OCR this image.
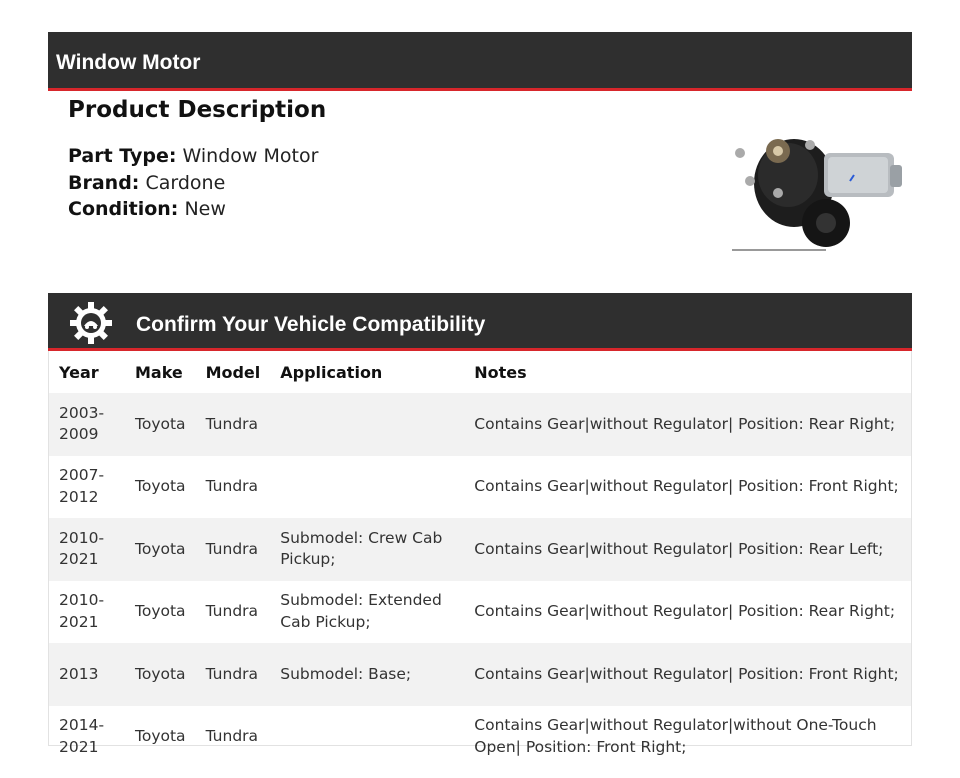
Window Motor
Product Description
Part Type: Window Motor
Brand: Cardone
Condition: New
Confirm Your Vehicle Compatibility
Year	Make	Model	Application	Notes
2003-2009	Toyota	Tundra		Contains Gear|without Regulator| Position: Rear Right;
2007-2012	Toyota	Tundra		Contains Gear|without Regulator| Position: Front Right;
2010-2021	Toyota	Tundra	Submodel: Crew Cab Pickup;	Contains Gear|without Regulator| Position: Rear Left;
2010-2021	Toyota	Tundra	Submodel: Extended Cab Pickup;	Contains Gear|without Regulator| Position: Rear Right;
2013	Toyota	Tundra	Submodel: Base;	Contains Gear|without Regulator| Position: Front Right;
2014-2021	Toyota	Tundra		Contains Gear|without Regulator|without One-Touch Open| Position: Front Right;
